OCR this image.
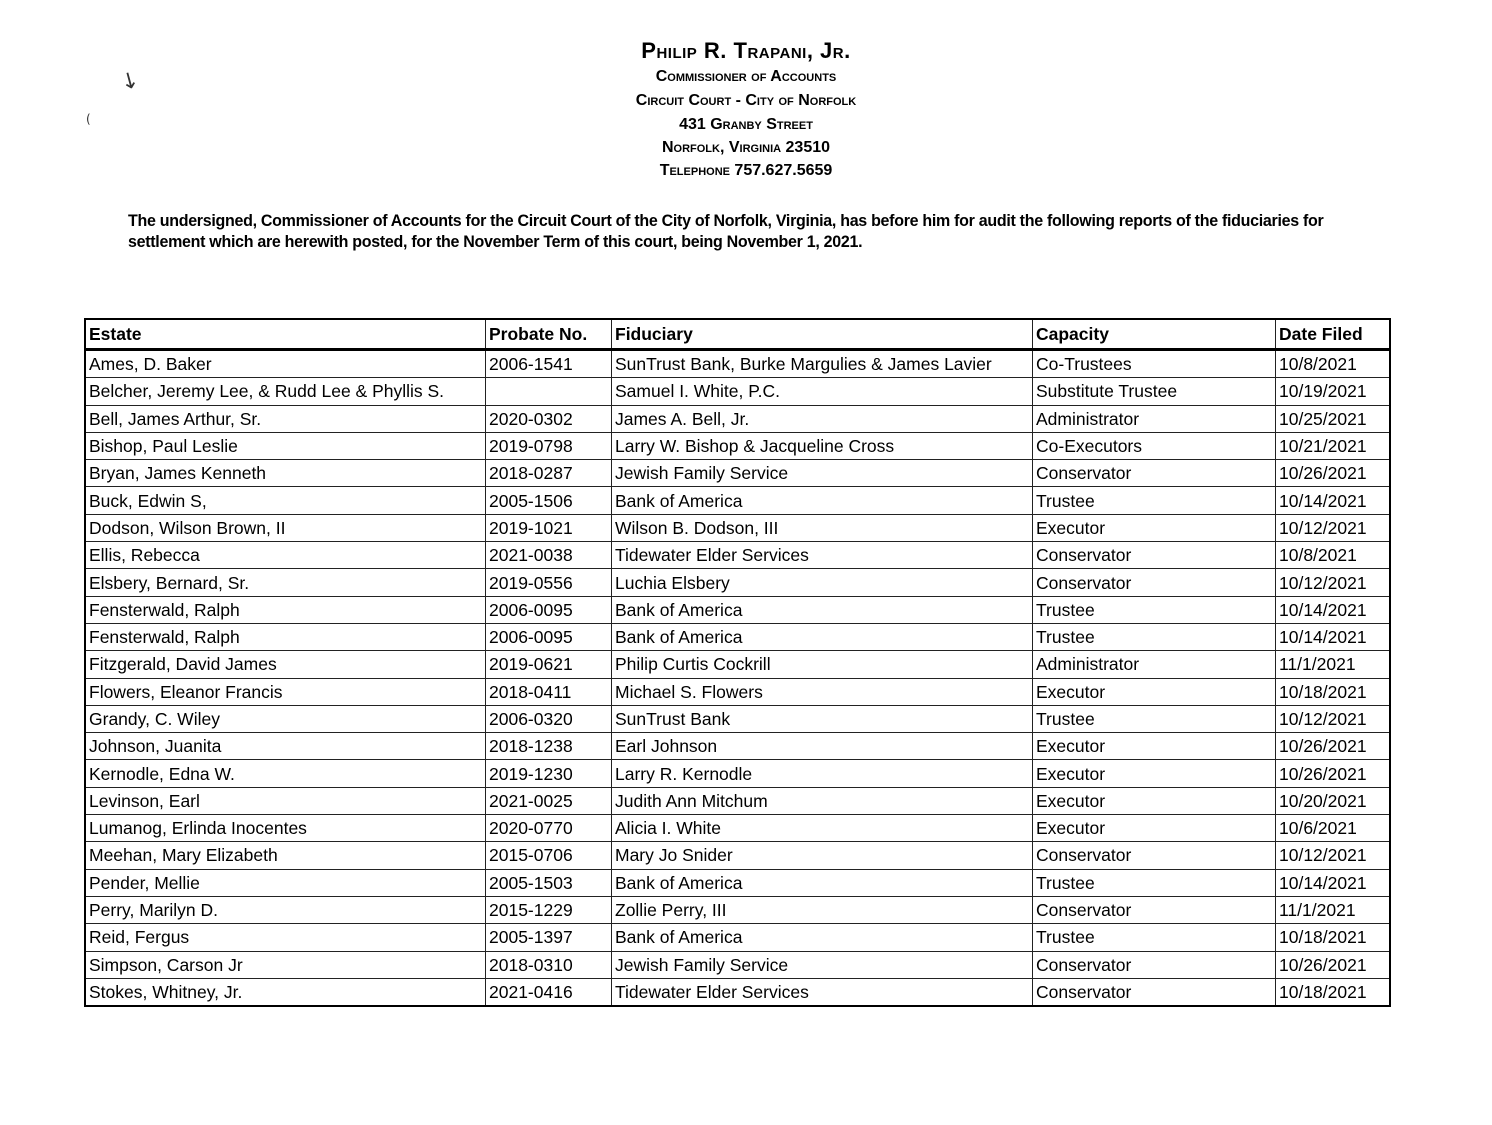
↘
(
Philip R. Trapani, Jr.
Commissioner of Accounts
Circuit Court - City of Norfolk
431 Granby Street
Norfolk, Virginia 23510
Telephone 757.627.5659
The undersigned, Commissioner of Accounts for the Circuit Court of the City of Norfolk, Virginia, has before him for audit the following reports of the fiduciaries for settlement which are herewith posted, for the November Term of this court, being November 1, 2021.
Estate	Probate No.	Fiduciary	Capacity	Date Filed
Ames, D. Baker	2006-1541	SunTrust Bank, Burke Margulies & James Lavier	Co-Trustees	10/8/2021
Belcher, Jeremy Lee, & Rudd Lee & Phyllis S.		Samuel I. White, P.C.	Substitute Trustee	10/19/2021
Bell, James Arthur, Sr.	2020-0302	James A. Bell, Jr.	Administrator	10/25/2021
Bishop, Paul Leslie	2019-0798	Larry W. Bishop & Jacqueline Cross	Co-Executors	10/21/2021
Bryan, James Kenneth	2018-0287	Jewish Family Service	Conservator	10/26/2021
Buck, Edwin S,	2005-1506	Bank of America	Trustee	10/14/2021
Dodson, Wilson Brown, II	2019-1021	Wilson B. Dodson, III	Executor	10/12/2021
Ellis, Rebecca	2021-0038	Tidewater Elder Services	Conservator	10/8/2021
Elsbery, Bernard, Sr.	2019-0556	Luchia Elsbery	Conservator	10/12/2021
Fensterwald, Ralph	2006-0095	Bank of America	Trustee	10/14/2021
Fensterwald, Ralph	2006-0095	Bank of America	Trustee	10/14/2021
Fitzgerald, David James	2019-0621	Philip Curtis Cockrill	Administrator	11/1/2021
Flowers, Eleanor Francis	2018-0411	Michael S. Flowers	Executor	10/18/2021
Grandy, C. Wiley	2006-0320	SunTrust Bank	Trustee	10/12/2021
Johnson, Juanita	2018-1238	Earl Johnson	Executor	10/26/2021
Kernodle, Edna W.	2019-1230	Larry R. Kernodle	Executor	10/26/2021
Levinson, Earl	2021-0025	Judith Ann Mitchum	Executor	10/20/2021
Lumanog, Erlinda Inocentes	2020-0770	Alicia I. White	Executor	10/6/2021
Meehan, Mary Elizabeth	2015-0706	Mary Jo Snider	Conservator	10/12/2021
Pender, Mellie	2005-1503	Bank of America	Trustee	10/14/2021
Perry, Marilyn D.	2015-1229	Zollie Perry, III	Conservator	11/1/2021
Reid, Fergus	2005-1397	Bank of America	Trustee	10/18/2021
Simpson, Carson Jr	2018-0310	Jewish Family Service	Conservator	10/26/2021
Stokes, Whitney, Jr.	2021-0416	Tidewater Elder Services	Conservator	10/18/2021
